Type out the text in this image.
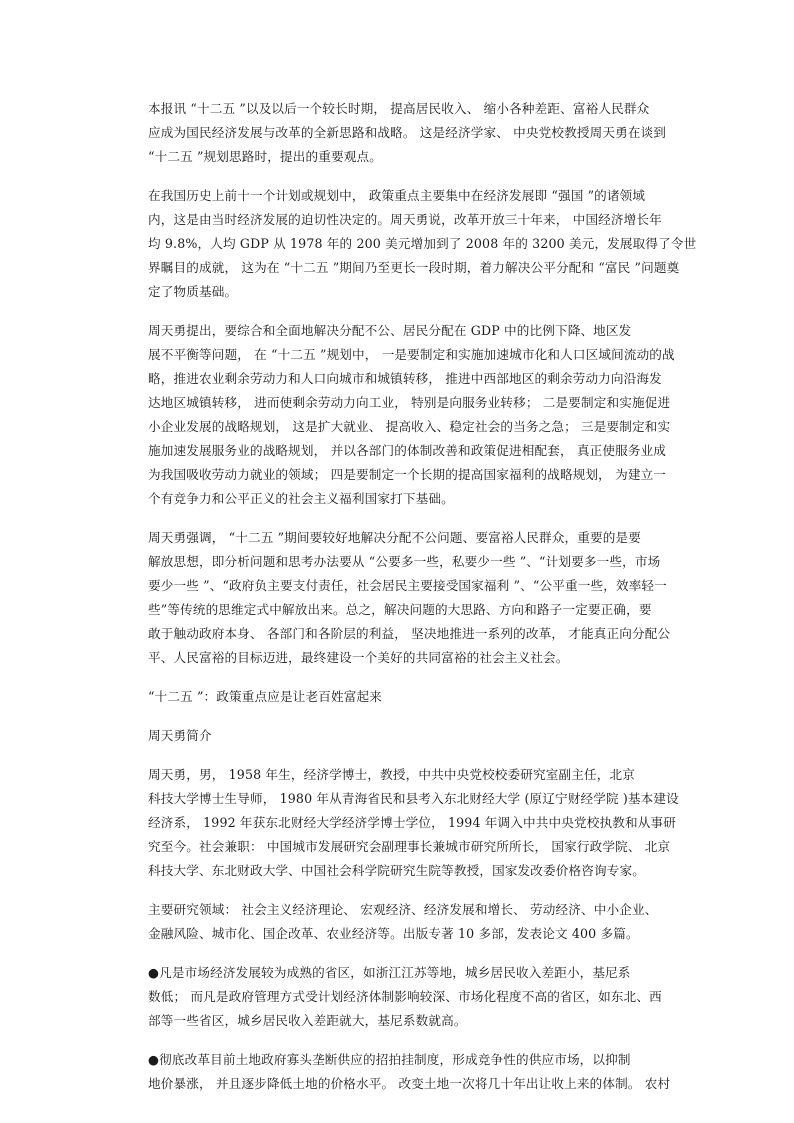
本报讯 “十二五 ”以及以后一个较长时期， 提高居民收入、 缩小各种差距、富裕人民群众
应成为国民经济发展与改革的全新思路和战略。 这是经济学家、 中央党校教授周天勇在谈到
“十二五 ”规划思路时，提出的重要观点。
在我国历史上前十一个计划或规划中， 政策重点主要集中在经济发展即 “强国 ”的诸领域
内，这是由当时经济发展的迫切性决定的。周天勇说，改革开放三十年来， 中国经济增长年
均 9.8%，人均 GDP 从 1978 年的 200 美元增加到了 2008 年的 3200 美元，发展取得了令世
界瞩目的成就， 这为在 “十二五 ”期间乃至更长一段时期，着力解决公平分配和 “富民 ”问题奠
定了物质基础。
周天勇提出，要综合和全面地解决分配不公、居民分配在 GDP 中的比例下降、地区发
展不平衡等问题， 在 “十二五 ”规划中， 一是要制定和实施加速城市化和人口区域间流动的战
略，推进农业剩余劳动力和人口向城市和城镇转移， 推进中西部地区的剩余劳动力向沿海发
达地区城镇转移， 进而使剩余劳动力向工业， 特别是向服务业转移； 二是要制定和实施促进
小企业发展的战略规划， 这是扩大就业、 提高收入、稳定社会的当务之急； 三是要制定和实
施加速发展服务业的战略规划， 并以各部门的体制改善和政策促进相配套， 真正使服务业成
为我国吸收劳动力就业的领域； 四是要制定一个长期的提高国家福利的战略规划， 为建立一
个有竞争力和公平正义的社会主义福利国家打下基础。
周天勇强调， “十二五 ”期间要较好地解决分配不公问题、要富裕人民群众，重要的是要
解放思想，即分析问题和思考办法要从 “公要多一些，私要少一些 ”、“计划要多一些，市场
要少一些 ”、“政府负主要支付责任，社会居民主要接受国家福利 ”、“公平重一些，效率轻一
些”等传统的思维定式中解放出来。总之，解决问题的大思路、方向和路子一定要正确，要
敢于触动政府本身、 各部门和各阶层的利益， 坚决地推进一系列的改革， 才能真正向分配公
平、人民富裕的目标迈进，最终建设一个美好的共同富裕的社会主义社会。
“十二五 ”：政策重点应是让老百姓富起来
周天勇简介
周天勇，男， 1958 年生，经济学博士，教授，中共中央党校校委研究室副主任，北京
科技大学博士生导师， 1980 年从青海省民和县考入东北财经大学 (原辽宁财经学院 )基本建设
经济系， 1992 年获东北财经大学经济学博士学位， 1994 年调入中共中央党校执教和从事研
究至今。社会兼职： 中国城市发展研究会副理事长兼城市研究所所长， 国家行政学院、 北京
科技大学、东北财政大学、中国社会科学院研究生院等教授，国家发改委价格咨询专家。
主要研究领域： 社会主义经济理论、 宏观经济、经济发展和增长、 劳动经济、中小企业、
金融风险、城市化、国企改革、农业经济等。出版专著 10 多部，发表论文 400 多篇。
●凡是市场经济发展较为成熟的省区，如浙江江苏等地，城乡居民收入差距小，基尼系
数低； 而凡是政府管理方式受计划经济体制影响较深、市场化程度不高的省区，如东北、西
部等一些省区，城乡居民收入差距就大，基尼系数就高。
●彻底改革目前土地政府寡头垄断供应的招拍挂制度，形成竞争性的供应市场，以抑制
地价暴涨， 并且逐步降低土地的价格水平。 改变土地一次将几十年出让收上来的体制。 农村
